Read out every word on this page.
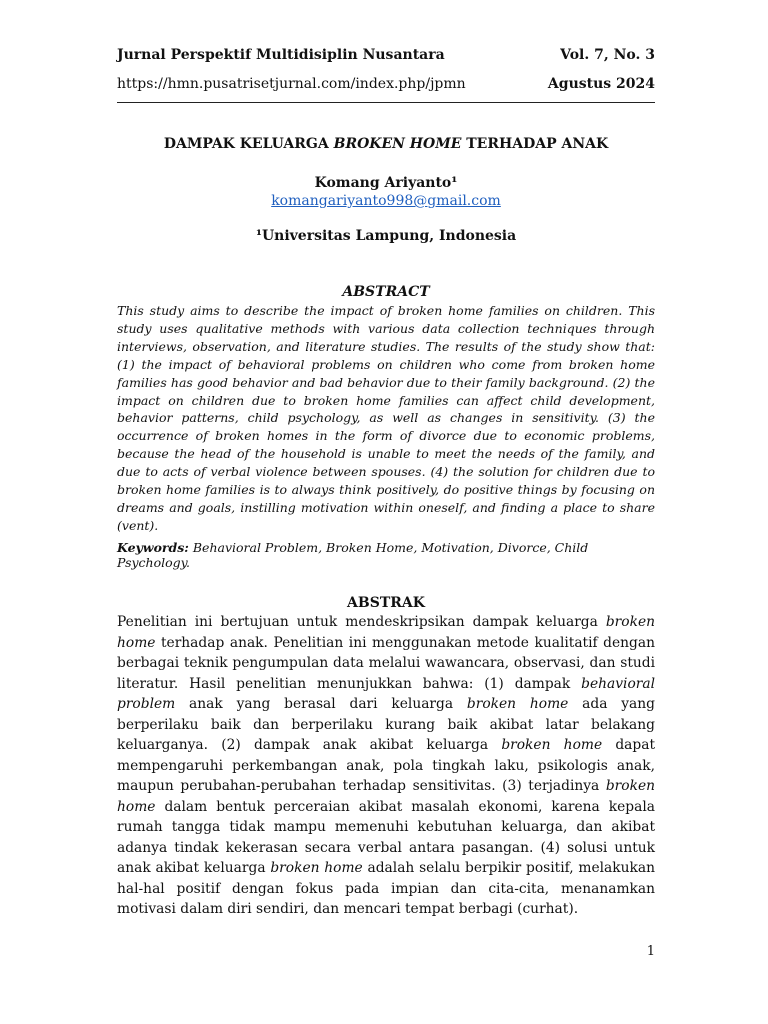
Jurnal Perspektif Multidisiplin Nusantara	Vol. 7, No. 3
https://hmn.pusatrisetjurnal.com/index.php/jpmn	Agustus 2024
DAMPAK KELUARGA BROKEN HOME TERHADAP ANAK
Komang Ariyanto¹
komangariyanto998@gmail.com
¹Universitas Lampung, Indonesia
ABSTRACT

This study aims to describe the impact of broken home families on children. This study uses qualitative methods with various data collection techniques through interviews, observation, and literature studies. The results of the study show that: (1) the impact of behavioral problems on children who come from broken home families has good behavior and bad behavior due to their family background. (2) the impact on children due to broken home families can affect child development, behavior patterns, child psychology, as well as changes in sensitivity. (3) the occurrence of broken homes in the form of divorce due to economic problems, because the head of the household is unable to meet the needs of the family, and due to acts of verbal violence between spouses. (4) the solution for children due to broken home families is to always think positively, do positive things by focusing on dreams and goals, instilling motivation within oneself, and finding a place to share (vent).

Keywords: Behavioral Problem, Broken Home, Motivation, Divorce, Child Psychology.
ABSTRAK

Penelitian ini bertujuan untuk mendeskripsikan dampak keluarga broken home terhadap anak. Penelitian ini menggunakan metode kualitatif dengan berbagai teknik pengumpulan data melalui wawancara, observasi, dan studi literatur. Hasil penelitian menunjukkan bahwa: (1) dampak behavioral problem anak yang berasal dari keluarga broken home ada yang berperilaku baik dan berperilaku kurang baik akibat latar belakang keluarganya. (2) dampak anak akibat keluarga broken home dapat mempengaruhi perkembangan anak, pola tingkah laku, psikologis anak, maupun perubahan-perubahan terhadap sensitivitas. (3) terjadinya broken home dalam bentuk perceraian akibat masalah ekonomi, karena kepala rumah tangga tidak mampu memenuhi kebutuhan keluarga, dan akibat adanya tindak kekerasan secara verbal antara pasangan. (4) solusi untuk anak akibat keluarga broken home adalah selalu berpikir positif, melakukan hal-hal positif dengan fokus pada impian dan cita-cita, menanamkan motivasi dalam diri sendiri, dan mencari tempat berbagi (curhat).

1
